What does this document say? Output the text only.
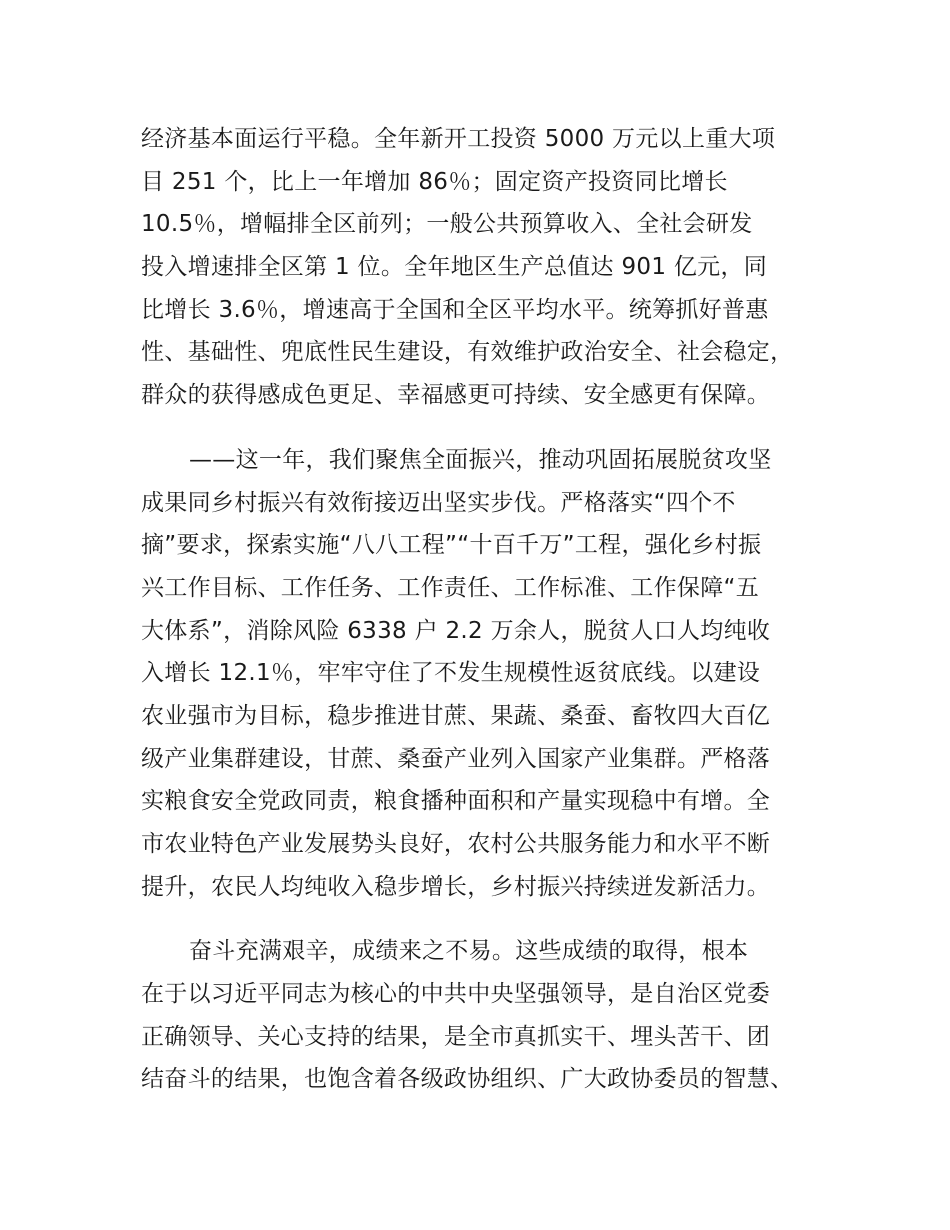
经济基本面运行平稳。全年新开工投资 5000 万元以上重大项
目 251 个，比上一年增加 86％；固定资产投资同比增长
10.5％，增幅排全区前列；一般公共预算收入、全社会研发
投入增速排全区第 1 位。全年地区生产总值达 901 亿元，同
比增长 3.6％，增速高于全国和全区平均水平。统筹抓好普惠
性、基础性、兜底性民生建设，有效维护政治安全、社会稳定，
群众的获得感成色更足、幸福感更可持续、安全感更有保障。
——这一年，我们聚焦全面振兴，推动巩固拓展脱贫攻坚
成果同乡村振兴有效衔接迈出坚实步伐。严格落实“四个不
摘”要求，探索实施“八八工程”“十百千万”工程，强化乡村振
兴工作目标、工作任务、工作责任、工作标准、工作保障“五
大体系”，消除风险 6338 户 2.2 万余人，脱贫人口人均纯收
入增长 12.1％，牢牢守住了不发生规模性返贫底线。以建设
农业强市为目标，稳步推进甘蔗、果蔬、桑蚕、畜牧四大百亿
级产业集群建设，甘蔗、桑蚕产业列入国家产业集群。严格落
实粮食安全党政同责，粮食播种面积和产量实现稳中有增。全
市农业特色产业发展势头良好，农村公共服务能力和水平不断
提升，农民人均纯收入稳步增长，乡村振兴持续迸发新活力。
奋斗充满艰辛，成绩来之不易。这些成绩的取得，根本
在于以习近平同志为核心的中共中央坚强领导，是自治区党委
正确领导、关心支持的结果，是全市真抓实干、埋头苦干、团
结奋斗的结果，也饱含着各级政协组织、广大政协委员的智慧、
